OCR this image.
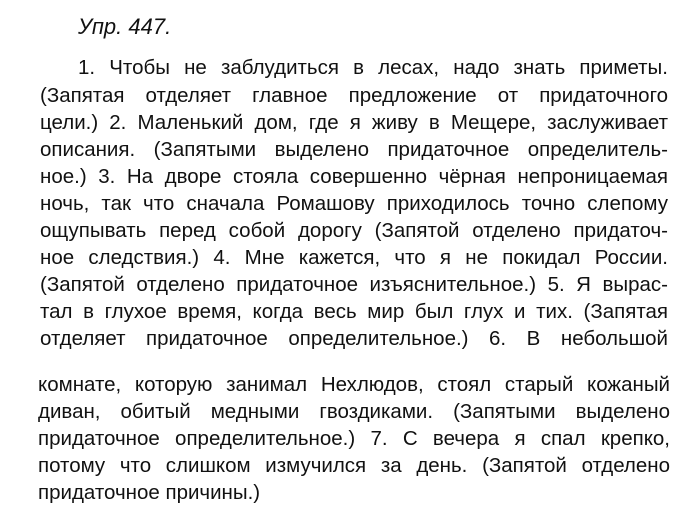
Упр. 447.
1. Чтобы не заблудиться в лесах, надо знать приметы.
(Запятая отделяет главное предложение от придаточного
цели.) 2. Маленький дом, где я живу в Мещере, заслуживает
описания. (Запятыми выделено придаточное определитель-
ное.) 3. На дворе стояла совершенно чёрная непроницаемая
ночь, так что сначала Ромашову приходилось точно слепому
ощупывать перед собой дорогу (Запятой отделено придаточ-
ное следствия.) 4. Мне кажется, что я не покидал России.
(Запятой отделено придаточное изъяснительное.) 5. Я вырас-
тал в глухое время, когда весь мир был глух и тих. (Запятая
отделяет придаточное определительное.) 6. В небольшой
комнате, которую занимал Нехлюдов, стоял старый кожаный
диван, обитый медными гвоздиками. (Запятыми выделено
придаточное определительное.) 7. С вечера я спал крепко,
потому что слишком измучился за день. (Запятой отделено
придаточное причины.)
